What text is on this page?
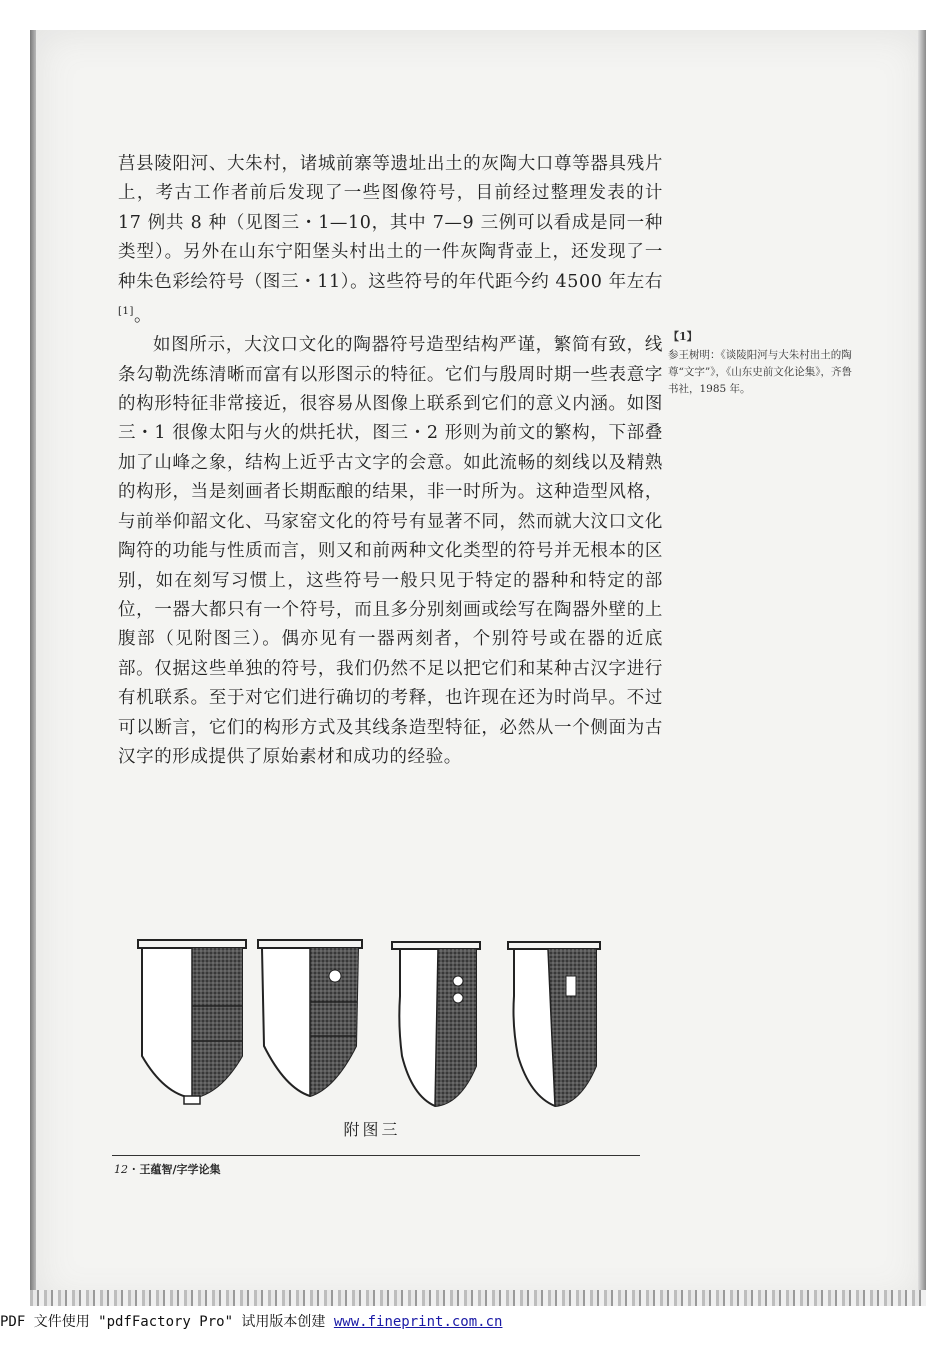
莒县陵阳河、大朱村，诸城前寨等遗址出土的灰陶大口尊等器具残片上，考古工作者前后发现了一些图像符号，目前经过整理发表的计 17 例共 8 种（见图三・1—10，其中 7—9 三例可以看成是同一种类型）。另外在山东宁阳堡头村出土的一件灰陶背壶上，还发现了一种朱色彩绘符号（图三・11）。这些符号的年代距今约 4500 年左右[1]。

如图所示，大汶口文化的陶器符号造型结构严谨，繁简有致，线条勾勒洗练清晰而富有以形图示的特征。它们与殷周时期一些表意字的构形特征非常接近，很容易从图像上联系到它们的意义内涵。如图三・1 很像太阳与火的烘托状，图三・2 形则为前文的繁构，下部叠加了山峰之象，结构上近乎古文字的会意。如此流畅的刻线以及精熟的构形，当是刻画者长期酝酿的结果，非一时所为。这种造型风格，与前举仰韶文化、马家窑文化的符号有显著不同，然而就大汶口文化陶符的功能与性质而言，则又和前两种文化类型的符号并无根本的区别，如在刻写习惯上，这些符号一般只见于特定的器种和特定的部位，一器大都只有一个符号，而且多分别刻画或绘写在陶器外壁的上腹部（见附图三）。偶亦见有一器两刻者，个别符号或在器的近底部。仅据这些单独的符号，我们仍然不足以把它们和某种古汉字进行有机联系。至于对它们进行确切的考释，也许现在还为时尚早。不过可以断言，它们的构形方式及其线条造型特征，必然从一个侧面为古汉字的形成提供了原始素材和成功的经验。

【1】
参王树明：《谈陵阳河与大朱村出土的陶尊“文字”》，《山东史前文化论集》，齐鲁书社，1985 年。
附图三
12 · 王蕴智/字学论集
PDF 文件使用 "pdfFactory Pro" 试用版本创建 www.fineprint.com.cn
